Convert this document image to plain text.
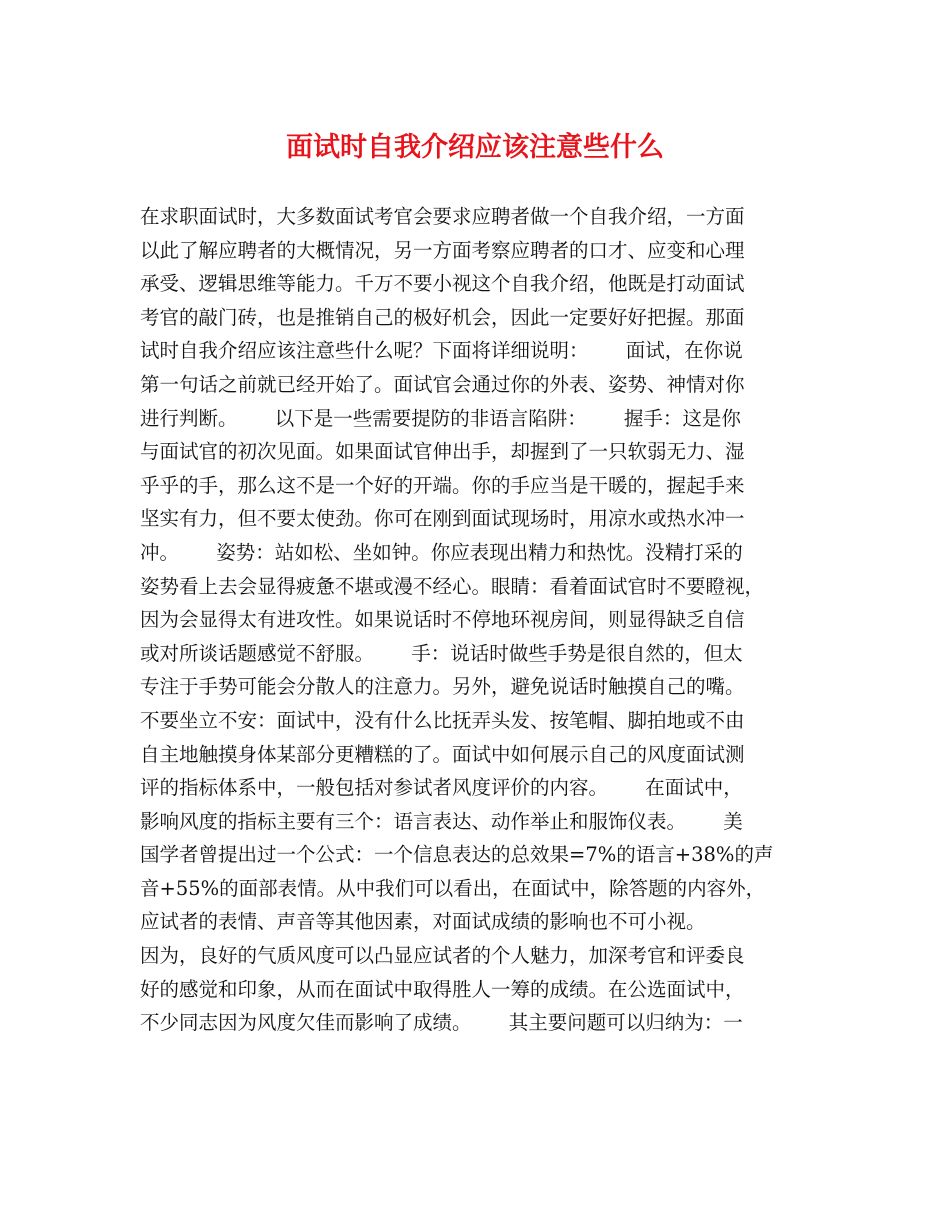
面试时自我介绍应该注意些什么
在求职面试时，大多数面试考官会要求应聘者做一个自我介绍，一方面
以此了解应聘者的大概情况，另一方面考察应聘者的口才、应变和心理
承受、逻辑思维等能力。千万不要小视这个自我介绍，他既是打动面试
考官的敲门砖，也是推销自己的极好机会，因此一定要好好把握。那面
试时自我介绍应该注意些什么呢？下面将详细说明：      面试，在你说
第一句话之前就已经开始了。面试官会通过你的外表、姿势、神情对你
进行判断。      以下是一些需要提防的非语言陷阱：      握手：这是你
与面试官的初次见面。如果面试官伸出手，却握到了一只软弱无力、湿
乎乎的手，那么这不是一个好的开端。你的手应当是干暖的，握起手来
坚实有力，但不要太使劲。你可在刚到面试现场时，用凉水或热水冲一
冲。      姿势：站如松、坐如钟。你应表现出精力和热忱。没精打采的
姿势看上去会显得疲惫不堪或漫不经心。眼睛：看着面试官时不要瞪视，
因为会显得太有进攻性。如果说话时不停地环视房间，则显得缺乏自信
或对所谈话题感觉不舒服。      手：说话时做些手势是很自然的，但太
专注于手势可能会分散人的注意力。另外，避免说话时触摸自己的嘴。
不要坐立不安：面试中，没有什么比抚弄头发、按笔帽、脚拍地或不由
自主地触摸身体某部分更糟糕的了。面试中如何展示自己的风度面试测
评的指标体系中，一般包括对参试者风度评价的内容。      在面试中，
影响风度的指标主要有三个：语言表达、动作举止和服饰仪表。      美
国学者曾提出过一个公式：一个信息表达的总效果=7%的语言+38%的声
音+55%的面部表情。从中我们可以看出，在面试中，除答题的内容外，
应试者的表情、声音等其他因素，对面试成绩的影响也不可小视。
因为，良好的气质风度可以凸显应试者的个人魅力，加深考官和评委良
好的感觉和印象，从而在面试中取得胜人一筹的成绩。在公选面试中，
不少同志因为风度欠佳而影响了成绩。      其主要问题可以归纳为：一
